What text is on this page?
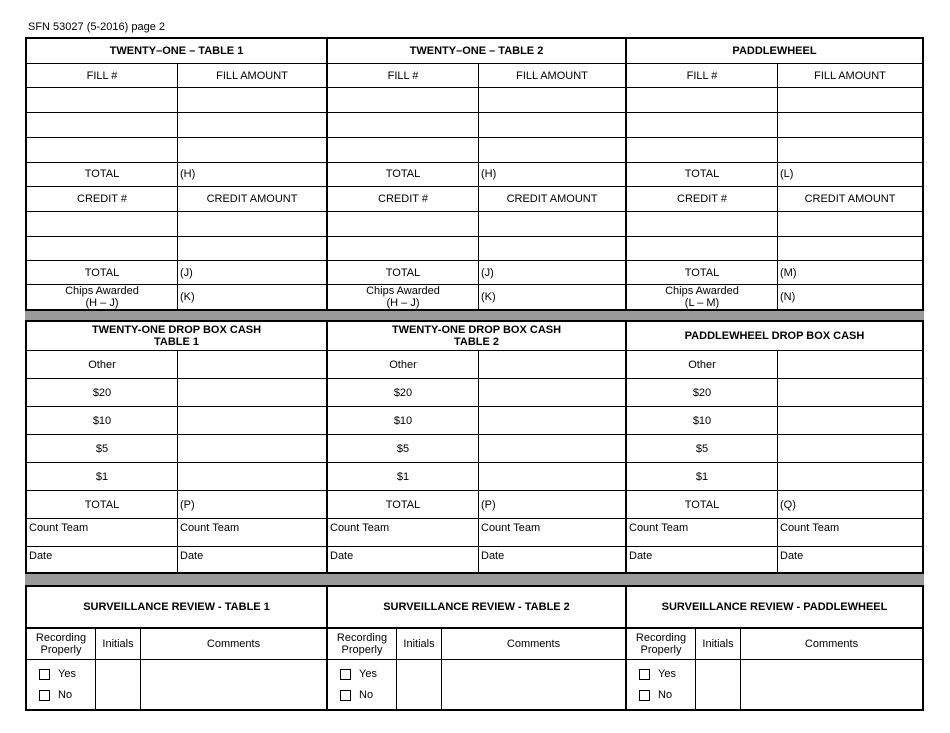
SFN 53027 (5-2016) page 2
TWENTY–ONE – TABLE 1
FILL #	FILL AMOUNT
TOTAL	(H)
CREDIT #	CREDIT AMOUNT
TOTAL	(J)
Chips Awarded
(H – J)	(K)
TWENTY–ONE – TABLE 2
FILL #	FILL AMOUNT
TOTAL	(H)
CREDIT #	CREDIT AMOUNT
TOTAL	(J)
Chips Awarded
(H – J)	(K)
PADDLEWHEEL
FILL #	FILL AMOUNT
TOTAL	(L)
CREDIT #	CREDIT AMOUNT
TOTAL	(M)
Chips Awarded
(L – M)	(N)
TWENTY-ONE DROP BOX CASH
TABLE 1
Other
$20
$10
$5
$1
TOTAL	(P)
Count Team	Count Team
Date	Date
TWENTY-ONE DROP BOX CASH
TABLE 2
Other
$20
$10
$5
$1
TOTAL	(P)
Count Team	Count Team
Date	Date
PADDLEWHEEL DROP BOX CASH
Other
$20
$10
$5
$1
TOTAL	(Q)
Count Team	Count Team
Date	Date
SURVEILLANCE REVIEW - TABLE 1
Recording
Properly	Initials	Comments
Yes
No
SURVEILLANCE REVIEW - TABLE 2
Recording
Properly	Initials	Comments
Yes
No
SURVEILLANCE REVIEW - PADDLEWHEEL
Recording
Properly	Initials	Comments
Yes
No
